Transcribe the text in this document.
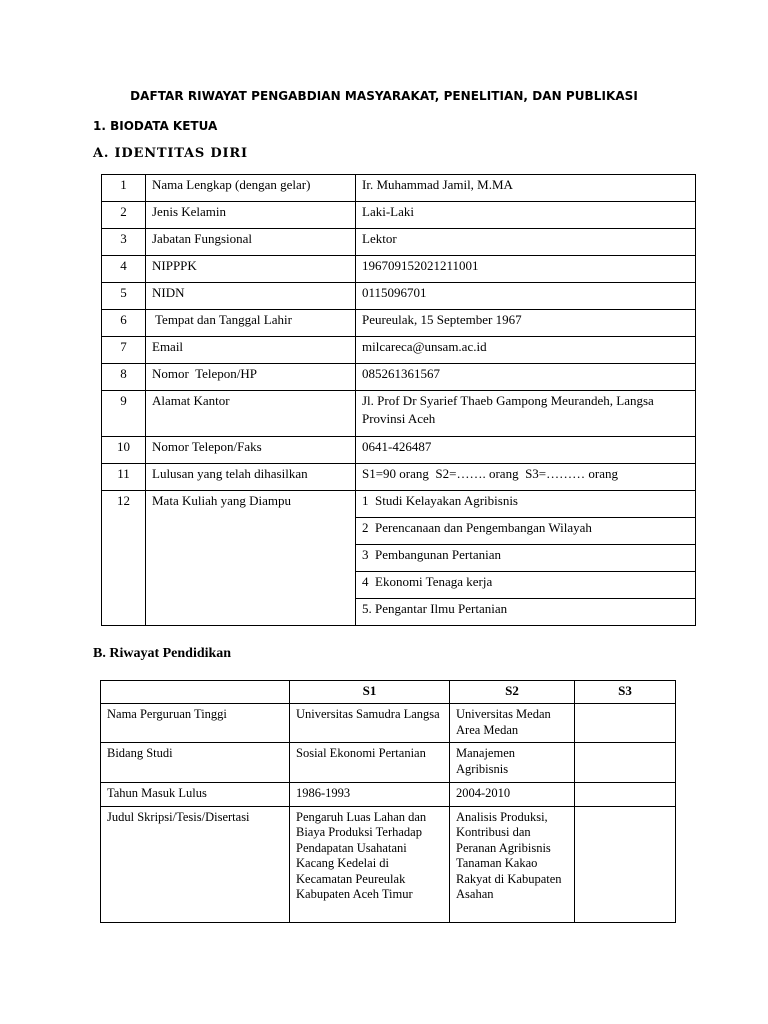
DAFTAR RIWAYAT PENGABDIAN MASYARAKAT, PENELITIAN, DAN PUBLIKASI
1. BIODATA KETUA
A. IDENTITAS DIRI
1	Nama Lengkap (dengan gelar)	Ir. Muhammad Jamil, M.MA
2	Jenis Kelamin	Laki-Laki
3	Jabatan Fungsional	Lektor
4	NIPPPK	196709152021211001
5	NIDN	0115096701
6	Tempat dan Tanggal Lahir	Peureulak, 15 September 1967
7	Email	milcareca@unsam.ac.id
8	Nomor  Telepon/HP	085261361567
9	Alamat Kantor	Jl. Prof Dr Syarief Thaeb Gampong Meurandeh, Langsa Provinsi Aceh
10	Nomor Telepon/Faks	0641-426487
11	Lulusan yang telah dihasilkan	S1=90 orang  S2=……. orang  S3=……… orang
12	Mata Kuliah yang Diampu	1  Studi Kelayakan Agribisnis
		2  Perencanaan dan Pengembangan Wilayah
		3  Pembangunan Pertanian
		4  Ekonomi Tenaga kerja
		5. Pengantar Ilmu Pertanian
B. Riwayat Pendidikan
	S1	S2	S3
Nama Perguruan Tinggi	Universitas Samudra Langsa	Universitas Medan Area Medan	
Bidang Studi	Sosial Ekonomi Pertanian	Manajemen Agribisnis	
Tahun Masuk Lulus	1986-1993	2004-2010	
Judul Skripsi/Tesis/Disertasi	Pengaruh Luas Lahan dan Biaya Produksi Terhadap Pendapatan Usahatani Kacang Kedelai di Kecamatan Peureulak Kabupaten Aceh Timur	Analisis Produksi, Kontribusi dan Peranan Agribisnis Tanaman Kakao Rakyat di Kabupaten Asahan	
